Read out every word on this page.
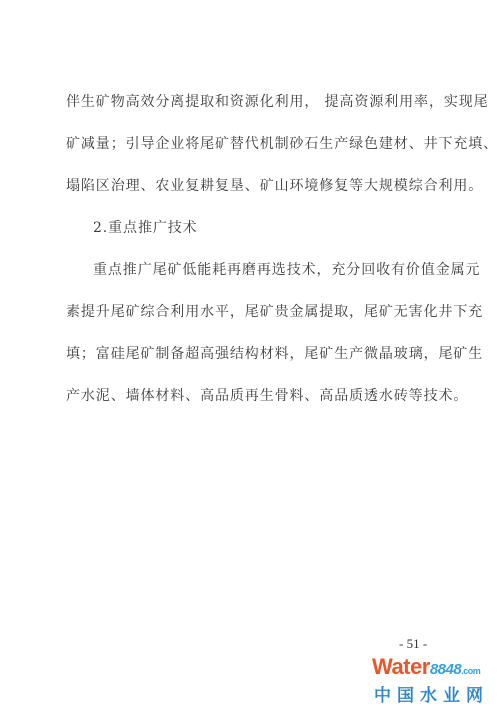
伴生矿物高效分离提取和资源化利用， 提高资源利用率，实现尾
矿减量；引导企业将尾矿替代机制砂石生产绿色建材、井下充填、
塌陷区治理、农业复耕复垦、矿山环境修复等大规模综合利用。
2.重点推广技术
重点推广尾矿低能耗再磨再选技术，充分回收有价值金属元
素提升尾矿综合利用水平，尾矿贵金属提取，尾矿无害化井下充
填；富硅尾矿制备超高强结构材料，尾矿生产微晶玻璃，尾矿生
产水泥、墙体材料、高品质再生骨料、高品质透水砖等技术。
- 51 -
Water8848.com
中国水业网
